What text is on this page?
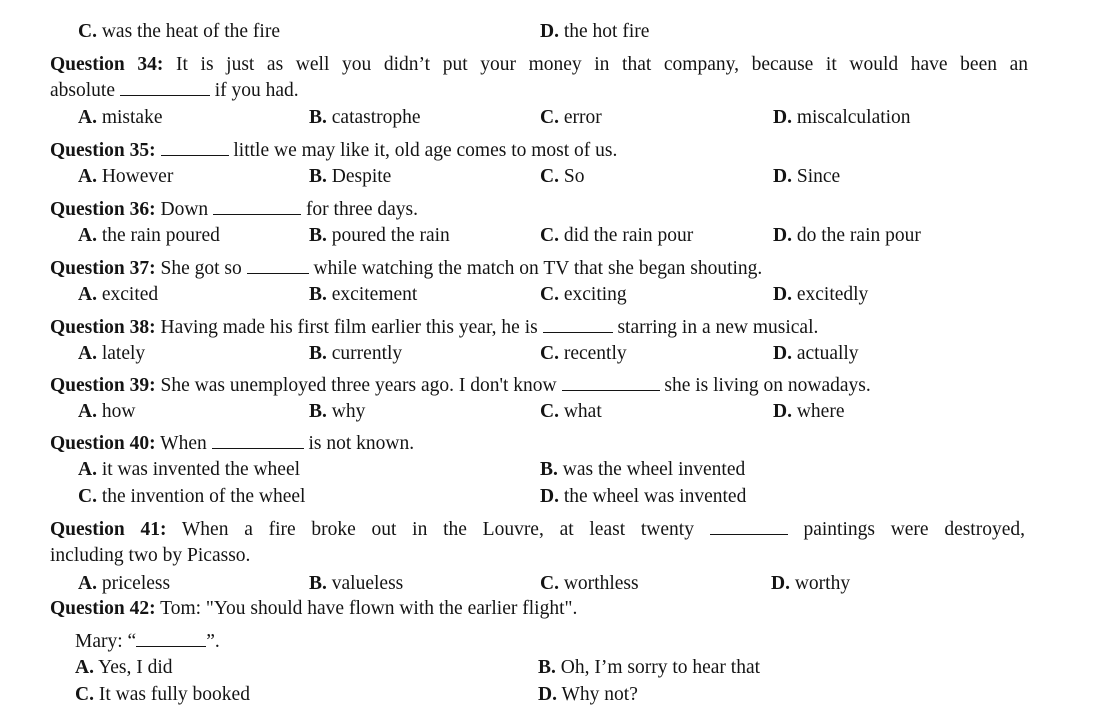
C. was the heat of the fire	D. the hot fire
Question 34: It is just as well you didn’t put your money in that company, because it would have been an
absolute	if you had.
A. mistake	B. catastrophe	C. error	D. miscalculation
Question 35:	little we may like it, old age comes to most of us.
A. However	B. Despite	C. So	D. Since
Question 36: Down	for three days.
A. the rain poured	B. poured the rain	C. did the rain pour	D. do the rain pour
Question 37: She got so	while watching the match on TV that she began shouting.
A. excited	B. excitement	C. exciting	D. excitedly
Question 38: Having made his first film earlier this year, he is	starring in a new musical.
A. lately	B. currently	C. recently	D. actually
Question 39: She was unemployed three years ago. I don't know	she is living on nowadays.
A. how	B. why	C. what	D. where
Question 40: When	is not known.
A. it was invented the wheel	B. was the wheel invented
C. the invention of the wheel	D. the wheel was invented
Question 41: When a fire broke out in the Louvre, at least twenty	paintings were destroyed,
including two by Picasso.
A. priceless	B. valueless	C. worthless	D. worthy
Question 42: Tom: "You should have flown with the earlier flight".
Mary: “	”.
A. Yes, I did	B. Oh, I’m sorry to hear that
C. It was fully booked	D. Why not?
